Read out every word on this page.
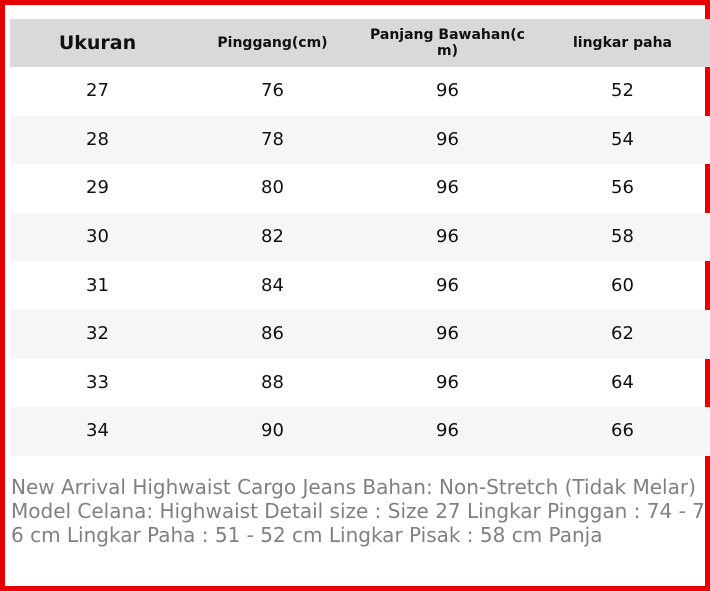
Ukuran	Pinggang(cm)	Panjang Bawahan(cm)	lingkar paha
27	76	96	52
28	78	96	54
29	80	96	56
30	82	96	58
31	84	96	60
32	86	96	62
33	88	96	64
34	90	96	66

New Arrival Highwaist Cargo Jeans Bahan: Non-Stretch (Tidak Melar) Model Celana: Highwaist Detail size : Size 27 Lingkar Pinggan : 74 - 76 cm Lingkar Paha : 51 - 52 cm Lingkar Pisak : 58 cm Panja
